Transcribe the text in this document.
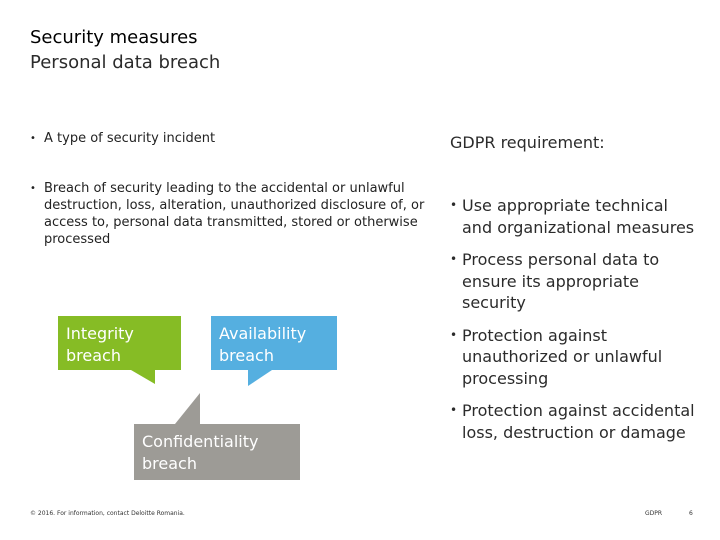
Security measures
Personal data breach
• A type of security incident
• Breach of security leading to the accidental or unlawful destruction, loss, alteration, unauthorized disclosure of, or access to, personal data transmitted, stored or otherwise processed
Integrity breach
Availability breach
Confidentiality breach
GDPR requirement:
• Use appropriate technical and organizational measures
• Process personal data to ensure its appropriate security
• Protection against unauthorized or unlawful processing
• Protection against accidental loss, destruction or damage
© 2016. For information, contact Deloitte Romania.	GDPR	6
